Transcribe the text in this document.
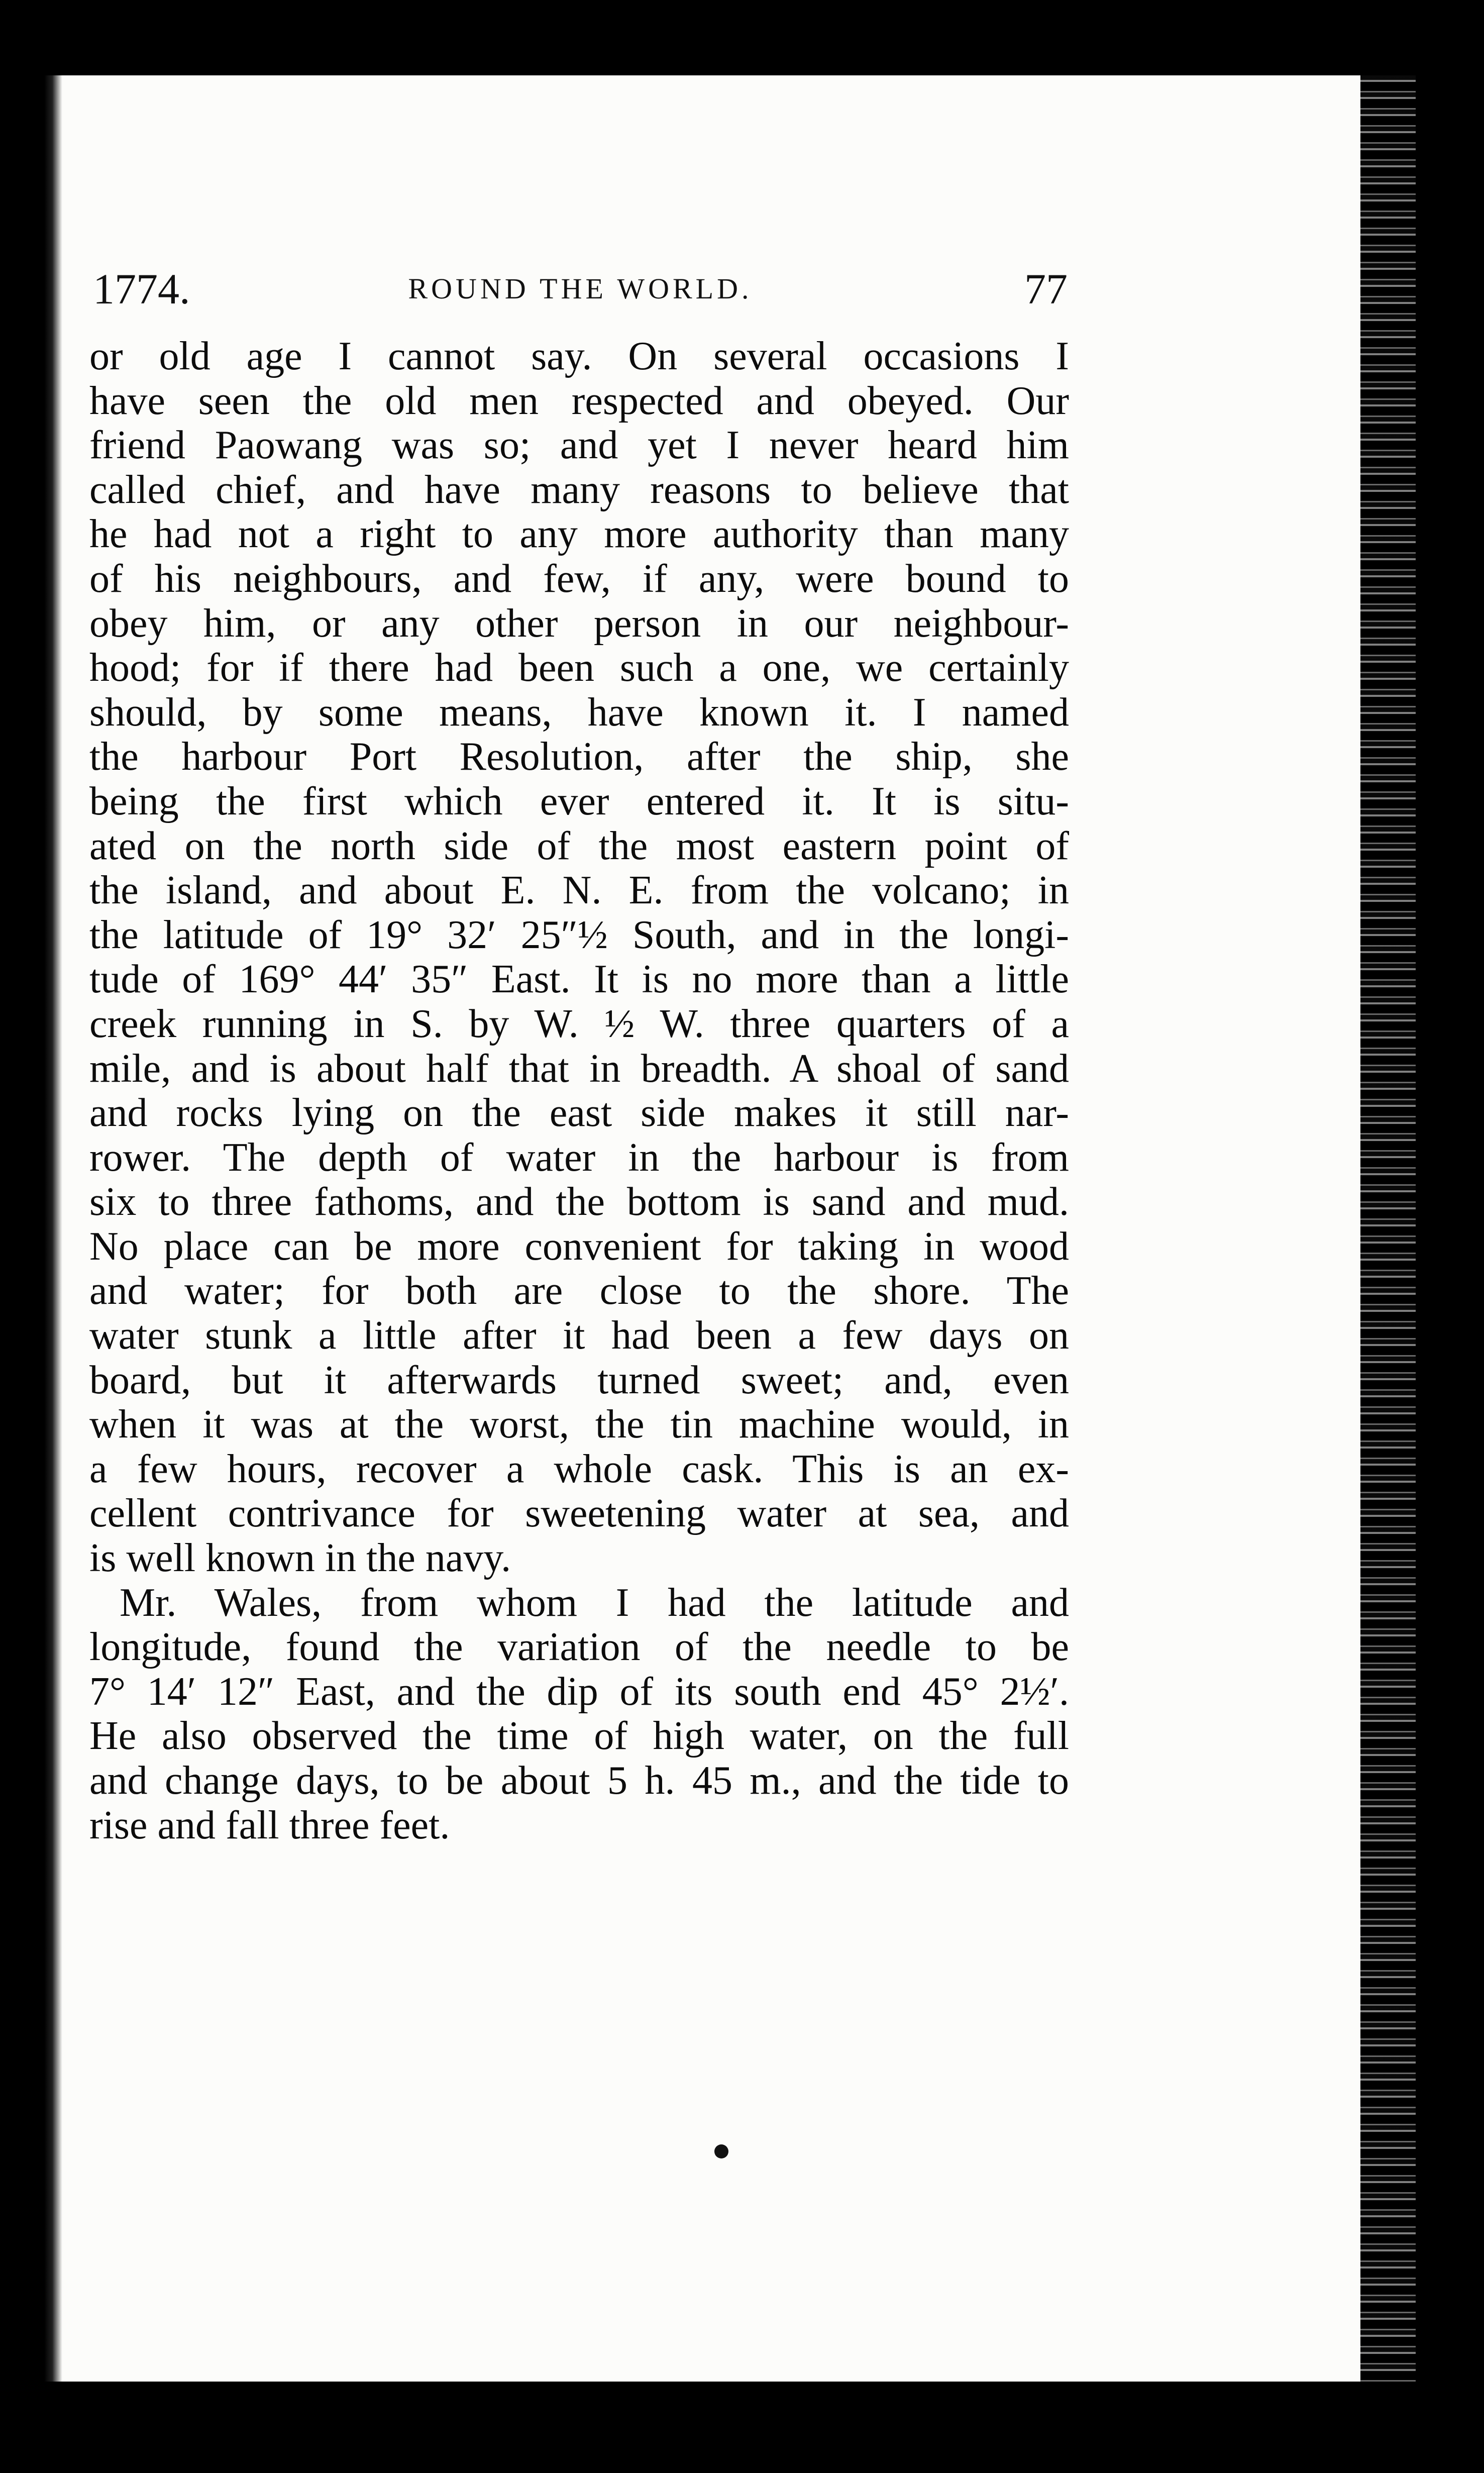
1774.	ROUND THE WORLD.	77
or old age I cannot say. On several occasions I
have seen the old men respected and obeyed. Our
friend Paowang was so; and yet I never heard him
called chief, and have many reasons to believe that
he had not a right to any more authority than many
of his neighbours, and few, if any, were bound to
obey him, or any other person in our neighbour-
hood; for if there had been such a one, we certainly
should, by some means, have known it. I named
the harbour Port Resolution, after the ship, she
being the first which ever entered it. It is situ-
ated on the north side of the most eastern point of
the island, and about E. N. E. from the volcano; in
the latitude of 19° 32′ 25″½ South, and in the longi-
tude of 169° 44′ 35″ East. It is no more than a little
creek running in S. by W. ½ W. three quarters of a
mile, and is about half that in breadth. A shoal of sand
and rocks lying on the east side makes it still nar-
rower. The depth of water in the harbour is from
six to three fathoms, and the bottom is sand and mud.
No place can be more convenient for taking in wood
and water; for both are close to the shore. The
water stunk a little after it had been a few days on
board, but it afterwards turned sweet; and, even
when it was at the worst, the tin machine would, in
a few hours, recover a whole cask. This is an ex-
cellent contrivance for sweetening water at sea, and
is well known in the navy.
Mr. Wales, from whom I had the latitude and
longitude, found the variation of the needle to be
7° 14′ 12″ East, and the dip of its south end 45° 2½′.
He also observed the time of high water, on the full
and change days, to be about 5 h. 45 m., and the tide to
rise and fall three feet.
